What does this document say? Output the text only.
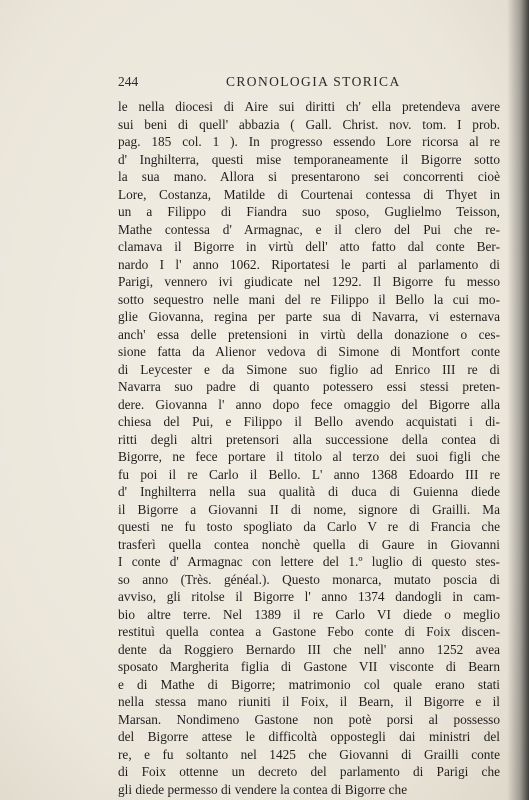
244	CRONOLOGIA STORICA
le nella diocesi di Aire sui diritti ch' ella pretendeva avere
sui beni di quell' abbazia ( Gall. Christ. nov. tom. I prob.
pag. 185 col. 1 ). In progresso essendo Lore ricorsa al re
d' Inghilterra, questi mise temporaneamente il Bigorre sotto
la sua mano. Allora si presentarono sei concorrenti cioè
Lore, Costanza, Matilde di Courtenai contessa di Thyet in
un a Filippo di Fiandra suo sposo, Guglielmo Teisson,
Mathe contessa d' Armagnac, e il clero del Pui che re-
clamava il Bigorre in virtù dell' atto fatto dal conte Ber-
nardo I l' anno 1062. Riportatesi le parti al parlamento di
Parigi, vennero ivi giudicate nel 1292. Il Bigorre fu messo
sotto sequestro nelle mani del re Filippo il Bello la cui mo-
glie Giovanna, regina per parte sua di Navarra, vi esternava
anch' essa delle pretensioni in virtù della donazione o ces-
sione fatta da Alienor vedova di Simone di Montfort conte
di Leycester e da Simone suo figlio ad Enrico III re di
Navarra suo padre di quanto potessero essi stessi preten-
dere. Giovanna l' anno dopo fece omaggio del Bigorre alla
chiesa del Pui, e Filippo il Bello avendo acquistati i di-
ritti degli altri pretensori alla successione della contea di
Bigorre, ne fece portare il titolo al terzo dei suoi figli che
fu poi il re Carlo il Bello. L' anno 1368 Edoardo III re
d' Inghilterra nella sua qualità di duca di Guienna diede
il Bigorre a Giovanni II di nome, signore di Grailli. Ma
questi ne fu tosto spogliato da Carlo V re di Francia che
trasferì quella contea nonchè quella di Gaure in Giovanni
I conte d' Armagnac con lettere del 1.º luglio di questo stes-
so anno (Très. généal.). Questo monarca, mutato poscia di
avviso, gli ritolse il Bigorre l' anno 1374 dandogli in cam-
bio altre terre. Nel 1389 il re Carlo VI diede o meglio
restituì quella contea a Gastone Febo conte di Foix discen-
dente da Roggiero Bernardo III che nell' anno 1252 avea
sposato Margherita figlia di Gastone VII visconte di Bearn
e di Mathe di Bigorre; matrimonio col quale erano stati
nella stessa mano riuniti il Foix, il Bearn, il Bigorre e il
Marsan. Nondimeno Gastone non potè porsi al possesso
del Bigorre attese le difficoltà oppostegli dai ministri del
re, e fu soltanto nel 1425 che Giovanni di Grailli conte
di Foix ottenne un decreto del parlamento di Parigi che
gli diede permesso di vendere la contea di Bigorre che
